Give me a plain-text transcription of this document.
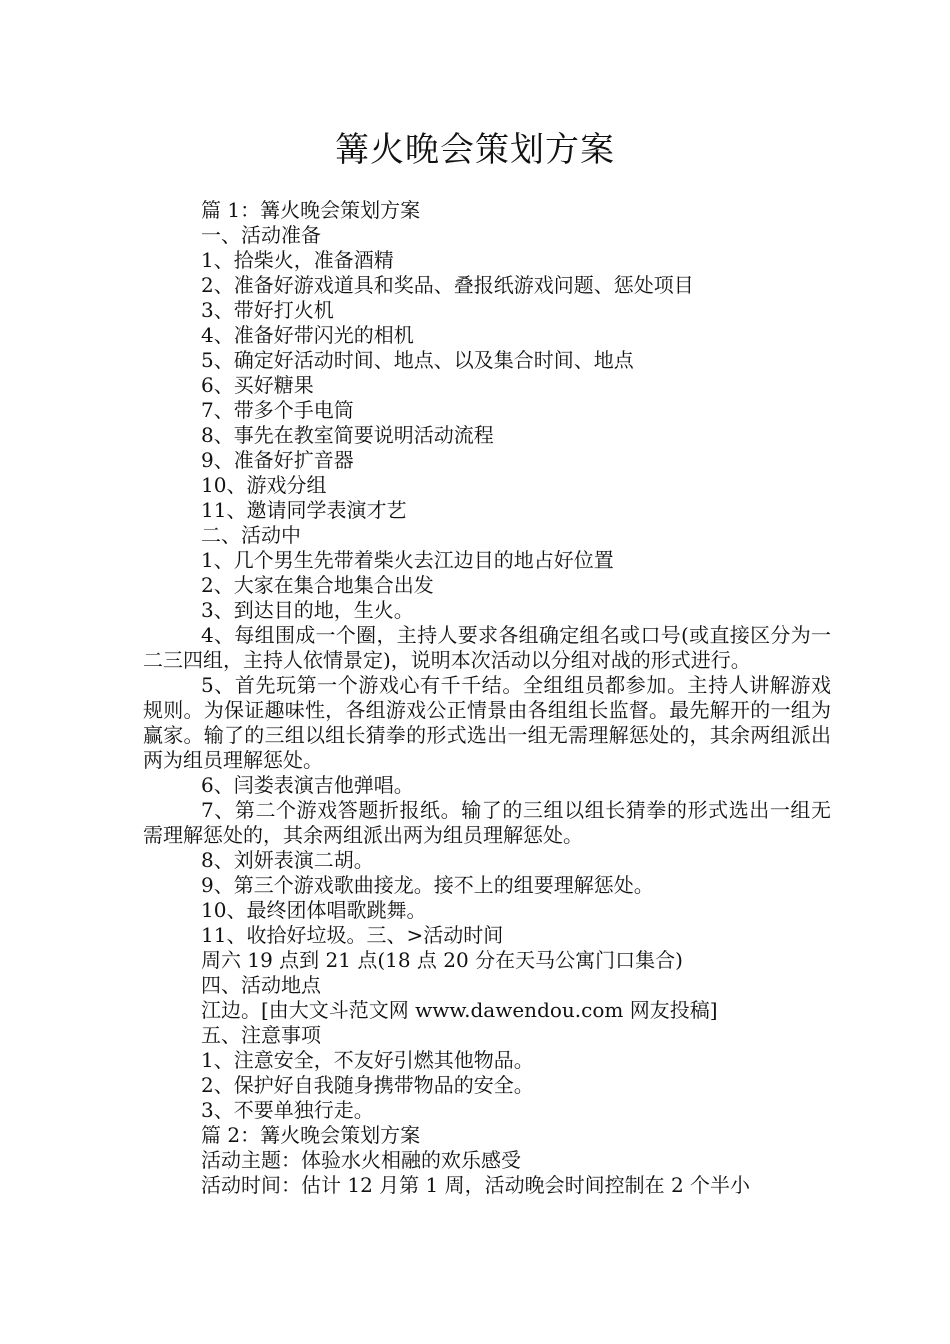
篝火晚会策划方案
篇 1：篝火晚会策划方案
一、活动准备
1、拾柴火，准备酒精
2、准备好游戏道具和奖品、叠报纸游戏问题、惩处项目
3、带好打火机
4、准备好带闪光的相机
5、确定好活动时间、地点、以及集合时间、地点
6、买好糖果
7、带多个手电筒
8、事先在教室简要说明活动流程
9、准备好扩音器
10、游戏分组
11、邀请同学表演才艺
二、活动中
1、几个男生先带着柴火去江边目的地占好位置
2、大家在集合地集合出发
3、到达目的地，生火。
4、每组围成一个圈，主持人要求各组确定组名或口号(或直接区分为一二三四组，主持人依情景定)，说明本次活动以分组对战的形式进行。
5、首先玩第一个游戏心有千千结。全组组员都参加。主持人讲解游戏规则。为保证趣味性，各组游戏公正情景由各组组长监督。最先解开的一组为赢家。输了的三组以组长猜拳的形式选出一组无需理解惩处的，其余两组派出两为组员理解惩处。
6、闫娄表演吉他弹唱。
7、第二个游戏答题折报纸。输了的三组以组长猜拳的形式选出一组无需理解惩处的，其余两组派出两为组员理解惩处。
8、刘妍表演二胡。
9、第三个游戏歌曲接龙。接不上的组要理解惩处。
10、最终团体唱歌跳舞。
11、收拾好垃圾。三、>活动时间
周六 19 点到 21 点(18 点 20 分在天马公寓门口集合)
四、活动地点
江边。[由大文斗范文网 www.dawendou.com 网友投稿]
五、注意事项
1、注意安全，不友好引燃其他物品。
2、保护好自我随身携带物品的安全。
3、不要单独行走。
篇 2：篝火晚会策划方案
活动主题：体验水火相融的欢乐感受
活动时间：估计 12 月第 1 周，活动晚会时间控制在 2 个半小
